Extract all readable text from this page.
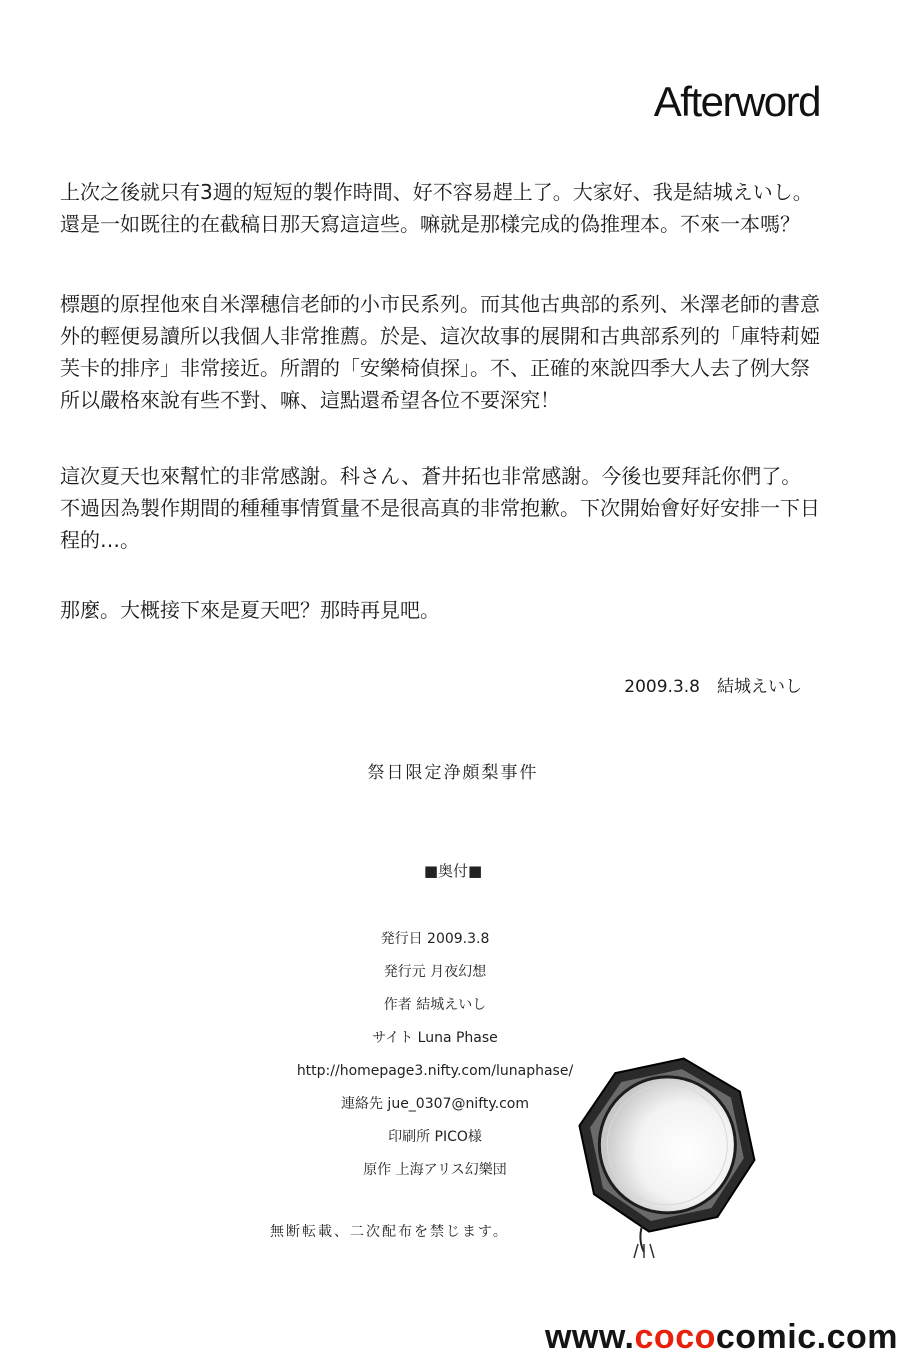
Afterword

上次之後就只有3週的短短的製作時間、好不容易趕上了。大家好、我是結城えいし。還是一如既往的在截稿日那天寫這這些。嘛就是那樣完成的偽推理本。不來一本嗎？

標題的原捏他來自米澤穗信老師的小市民系列。而其他古典部的系列、米澤老師的書意外的輕便易讀所以我個人非常推薦。於是、這次故事的展開和古典部系列的「庫特莉婭芙卡的排序」非常接近。所謂的「安樂椅偵探」。不、正確的來說四季大人去了例大祭所以嚴格來說有些不對、嘛、這點還希望各位不要深究！

這次夏天也來幫忙的非常感謝。科さん、蒼井拓也非常感謝。今後也要拜託你們了。不過因為製作期間的種種事情質量不是很高真的非常抱歉。下次開始會好好安排一下日程的…。

那麼。大概接下來是夏天吧？那時再見吧。

2009.3.8　結城えいし
祭日限定浄頗梨事件
■奥付■
発行日 2009.3.8
発行元 月夜幻想
作者 結城えいし
サイト Luna Phase
http://homepage3.nifty.com/lunaphase/
連絡先 jue_0307@nifty.com
印刷所 PICO様
原作 上海アリス幻樂団
無断転載、二次配布を禁じます。
www.cococomic.com
